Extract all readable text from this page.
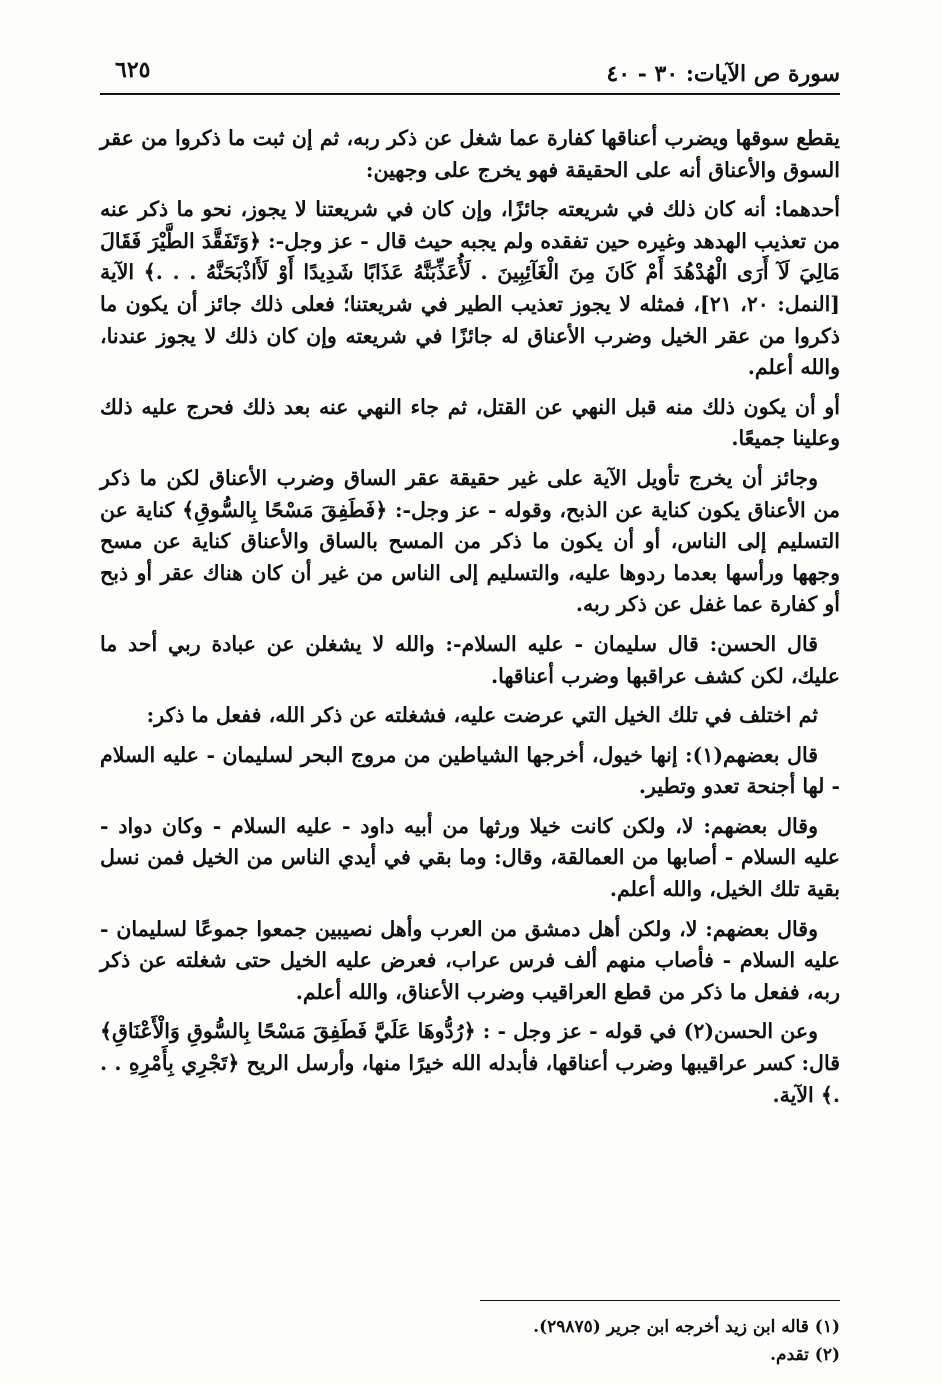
سورة ص الآيات: ٣٠ - ٤٠
٦٢٥

يقطع سوقها ويضرب أعناقها كفارة عما شغل عن ذكر ربه، ثم إن ثبت ما ذكروا من عقر السوق والأعناق أنه على الحقيقة فهو يخرج على وجهين:

أحدهما: أنه كان ذلك في شريعته جائزًا، وإن كان في شريعتنا لا يجوز، نحو ما ذكر عنه من تعذيب الهدهد وغيره حين تفقده ولم يجبه حيث قال - عز وجل-: ﴿وَتَفَقَّدَ الطَّيْرَ فَقَالَ مَالِيَ لَآ أَرَى الْهُدْهُدَ أَمْ كَانَ مِنَ الْغَآئِبِينَ . لَأُعَذِّبَنَّهُ عَذَابًا شَدِيدًا أَوْ لَأَاذْبَحَنَّهُ . . .﴾ الآية [النمل: ٢٠، ٢١]، فمثله لا يجوز تعذيب الطير في شريعتنا؛ فعلى ذلك جائز أن يكون ما ذكروا من عقر الخيل وضرب الأعناق له جائزًا في شريعته وإن كان ذلك لا يجوز عندنا، والله أعلم.

أو أن يكون ذلك منه قبل النهي عن القتل، ثم جاء النهي عنه بعد ذلك فحرج عليه ذلك وعلينا جميعًا.

وجائز أن يخرج تأويل الآية على غير حقيقة عقر الساق وضرب الأعناق لكن ما ذكر من الأعناق يكون كناية عن الذبح، وقوله - عز وجل-: ﴿فَطَفِقَ مَسْحًا بِالسُّوقِ﴾ كناية عن التسليم إلى الناس، أو أن يكون ما ذكر من المسح بالساق والأعناق كناية عن مسح وجهها ورأسها بعدما ردوها عليه، والتسليم إلى الناس من غير أن كان هناك عقر أو ذبح أو كفارة عما غفل عن ذكر ربه.

قال الحسن: قال سليمان - عليه السلام-: والله لا يشغلن عن عبادة ربي أحد ما عليك، لكن كشف عراقبها وضرب أعناقها.

ثم اختلف في تلك الخيل التي عرضت عليه، فشغلته عن ذكر الله، ففعل ما ذكر:

قال بعضهم(١): إنها خيول، أخرجها الشياطين من مروج البحر لسليمان - عليه السلام - لها أجنحة تعدو وتطير.

وقال بعضهم: لا، ولكن كانت خيلا ورثها من أبيه داود - عليه السلام - وكان دواد - عليه السلام - أصابها من العمالقة، وقال: وما بقي في أيدي الناس من الخيل فمن نسل بقية تلك الخيل، والله أعلم.

وقال بعضهم: لا، ولكن أهل دمشق من العرب وأهل نصيبين جمعوا جموعًا لسليمان - عليه السلام - فأصاب منهم ألف فرس عراب، فعرض عليه الخيل حتى شغلته عن ذكر ربه، ففعل ما ذكر من قطع العراقيب وضرب الأعناق، والله أعلم.

وعن الحسن(٢) في قوله - عز وجل - : ﴿رُدُّوهَا عَلَيَّ فَطَفِقَ مَسْحًا بِالسُّوقِ وَالْأَعْنَاقِ﴾ قال: كسر عراقيبها وضرب أعناقها، فأبدله الله خيرًا منها، وأرسل الريح ﴿تَجْرِي بِأَمْرِهِ . . .﴾ الآية.

(١) قاله ابن زيد أخرجه ابن جرير (٢٩٨٧٥).
(٢) تقدم.
